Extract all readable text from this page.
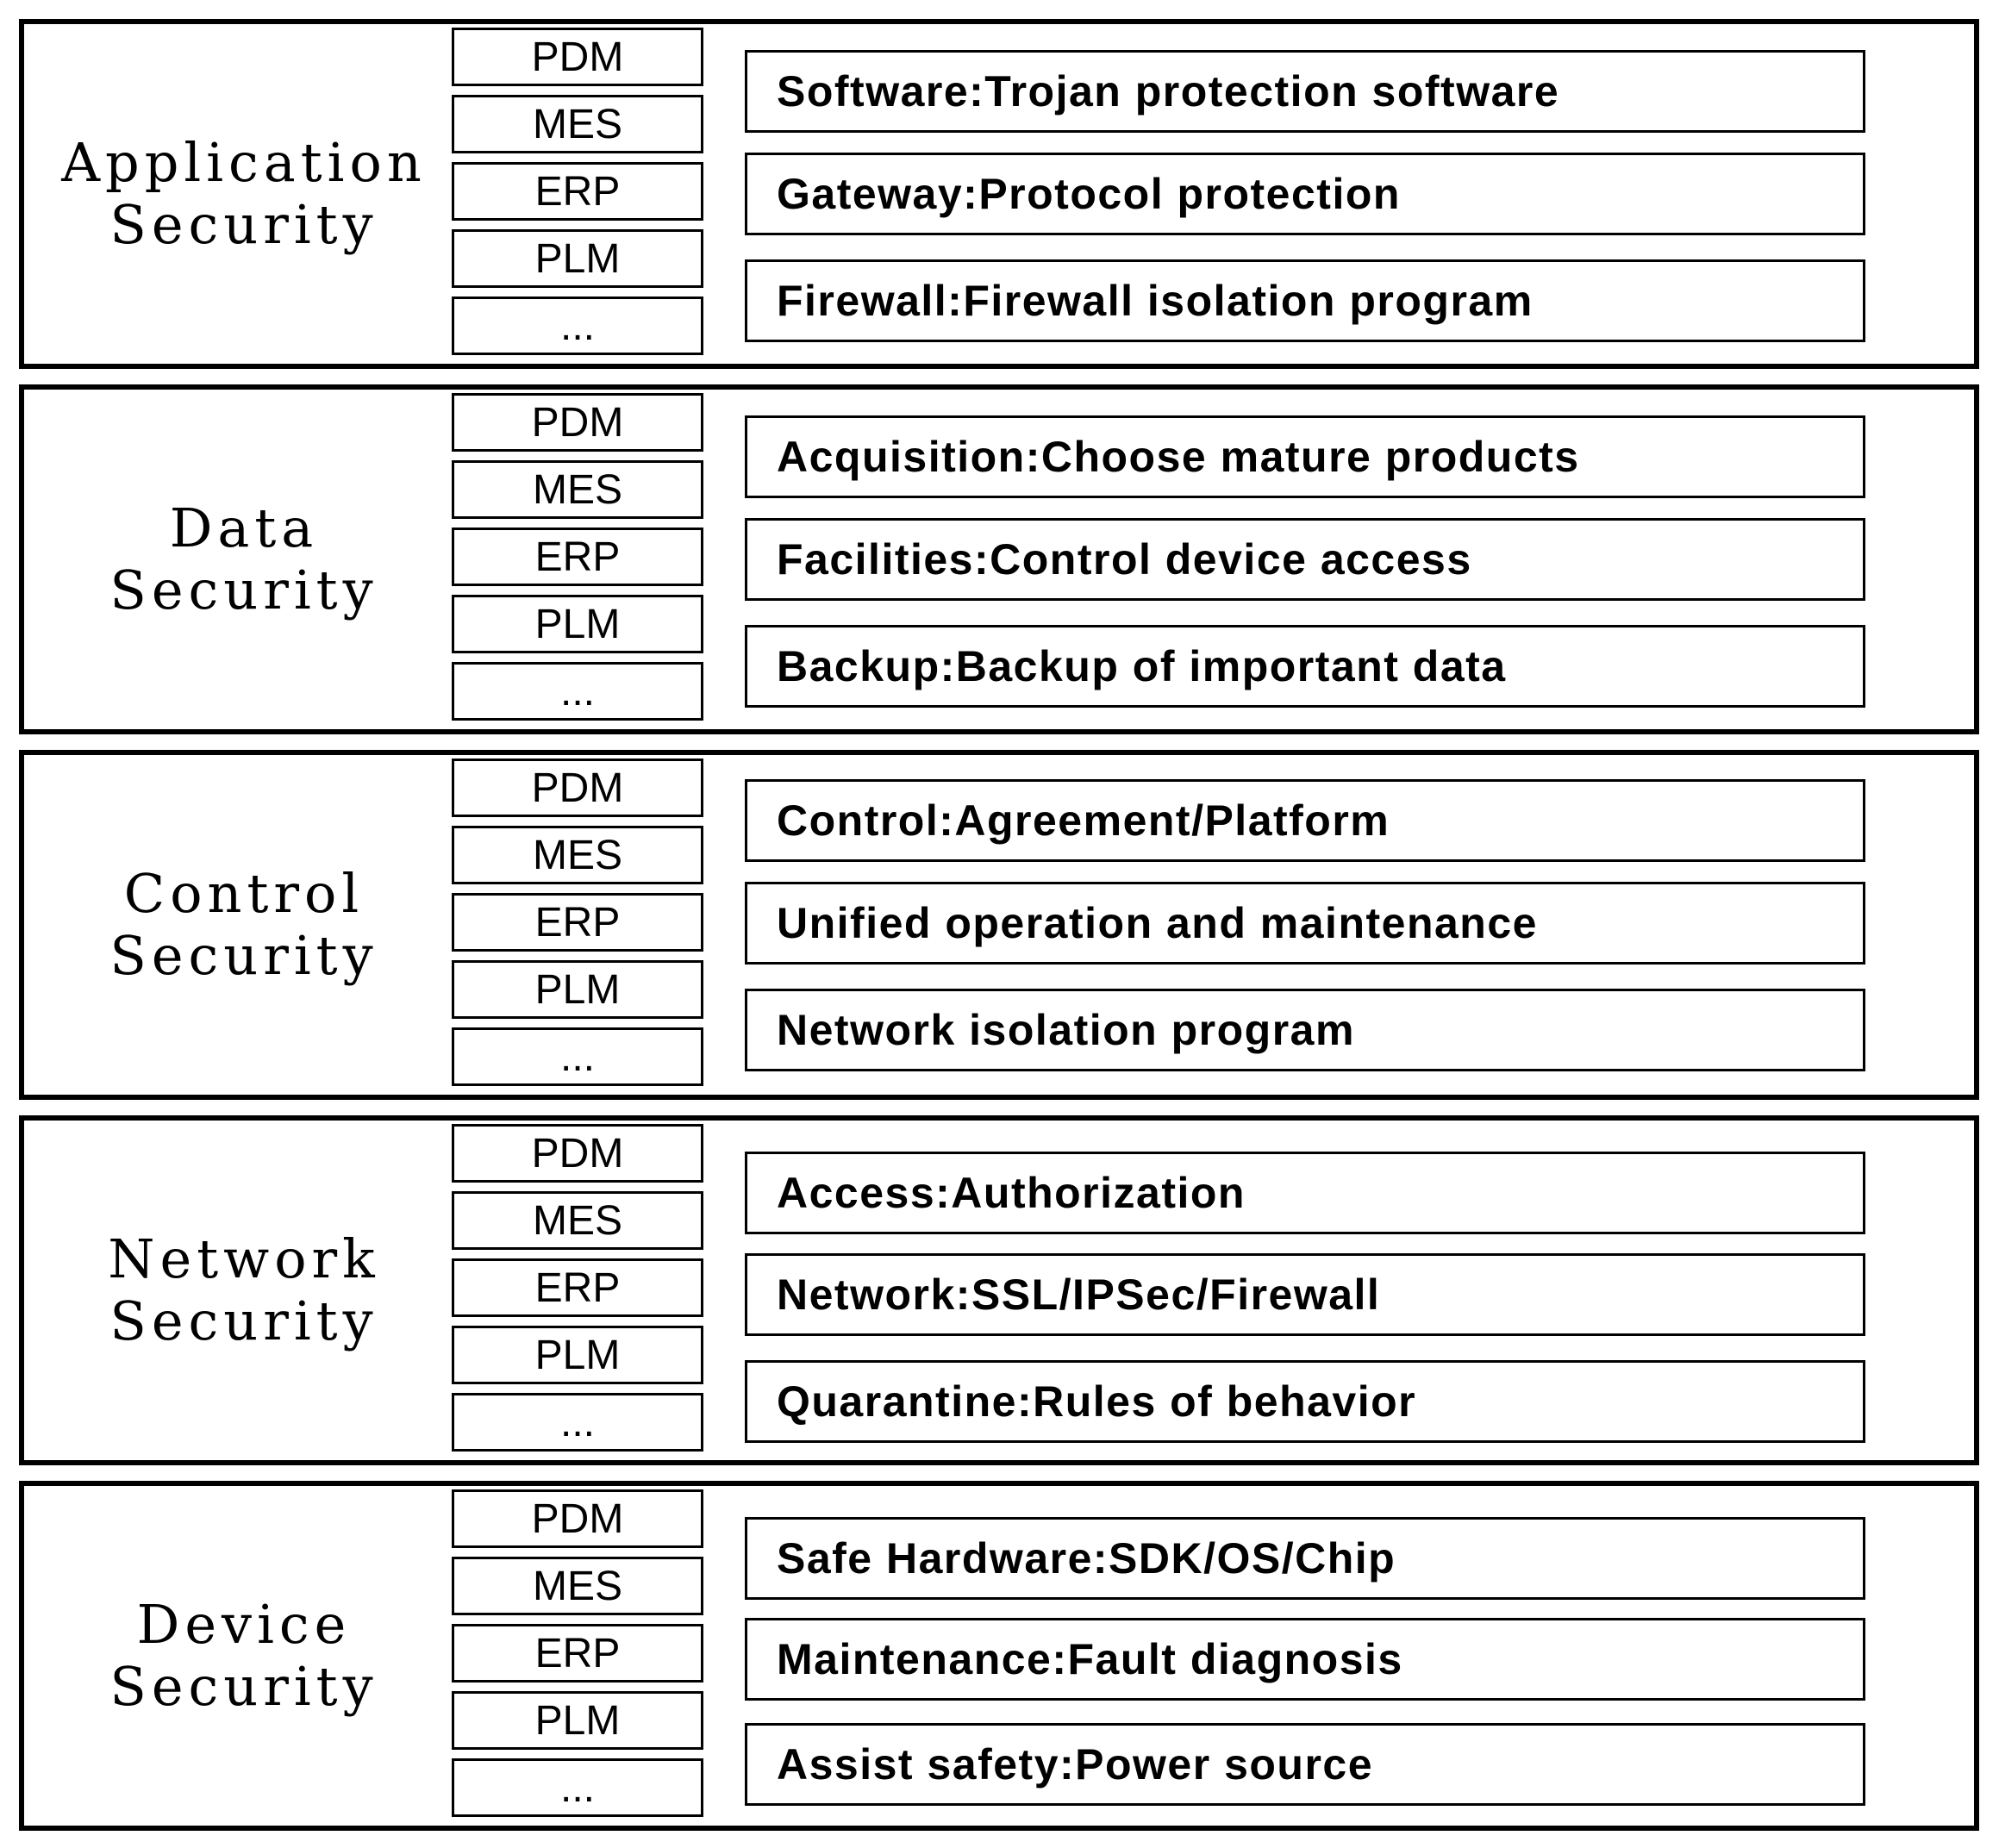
Application
Security
PDM
MES
ERP
PLM
...
Software:Trojan protection software
Gateway:Protocol protection
Firewall:Firewall isolation program
Data
Security
PDM
MES
ERP
PLM
...
Acquisition:Choose mature products
Facilities:Control device access
Backup:Backup of important data
Control
Security
PDM
MES
ERP
PLM
...
Control:Agreement/Platform
Unified operation and maintenance
Network isolation program
Network
Security
PDM
MES
ERP
PLM
...
Access:Authorization
Network:SSL/IPSec/Firewall
Quarantine:Rules of behavior
Device
Security
PDM
MES
ERP
PLM
...
Safe Hardware:SDK/OS/Chip
Maintenance:Fault diagnosis
Assist safety:Power source
